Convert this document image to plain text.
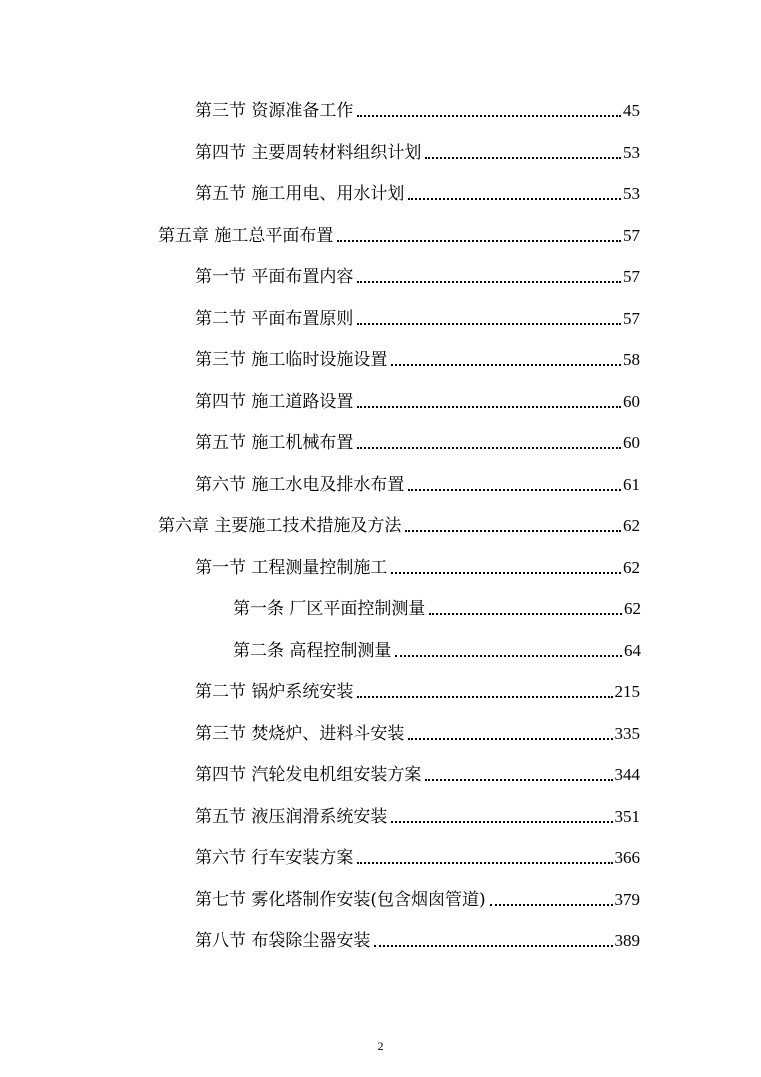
第三节 资源准备工作	45
第四节 主要周转材料组织计划	53
第五节 施工用电、用水计划	53
第五章 施工总平面布置	57
第一节 平面布置内容	57
第二节 平面布置原则	57
第三节 施工临时设施设置	58
第四节 施工道路设置	60
第五节 施工机械布置	60
第六节 施工水电及排水布置	61
第六章 主要施工技术措施及方法	62
第一节 工程测量控制施工	62
第一条 厂区平面控制测量	62
第二条 高程控制测量	64
第二节 锅炉系统安装	215
第三节 焚烧炉、进料斗安装	335
第四节 汽轮发电机组安装方案	344
第五节 液压润滑系统安装	351
第六节 行车安装方案	366
第七节 雾化塔制作安装(包含烟囱管道)	379
第八节 布袋除尘器安装	389
2
